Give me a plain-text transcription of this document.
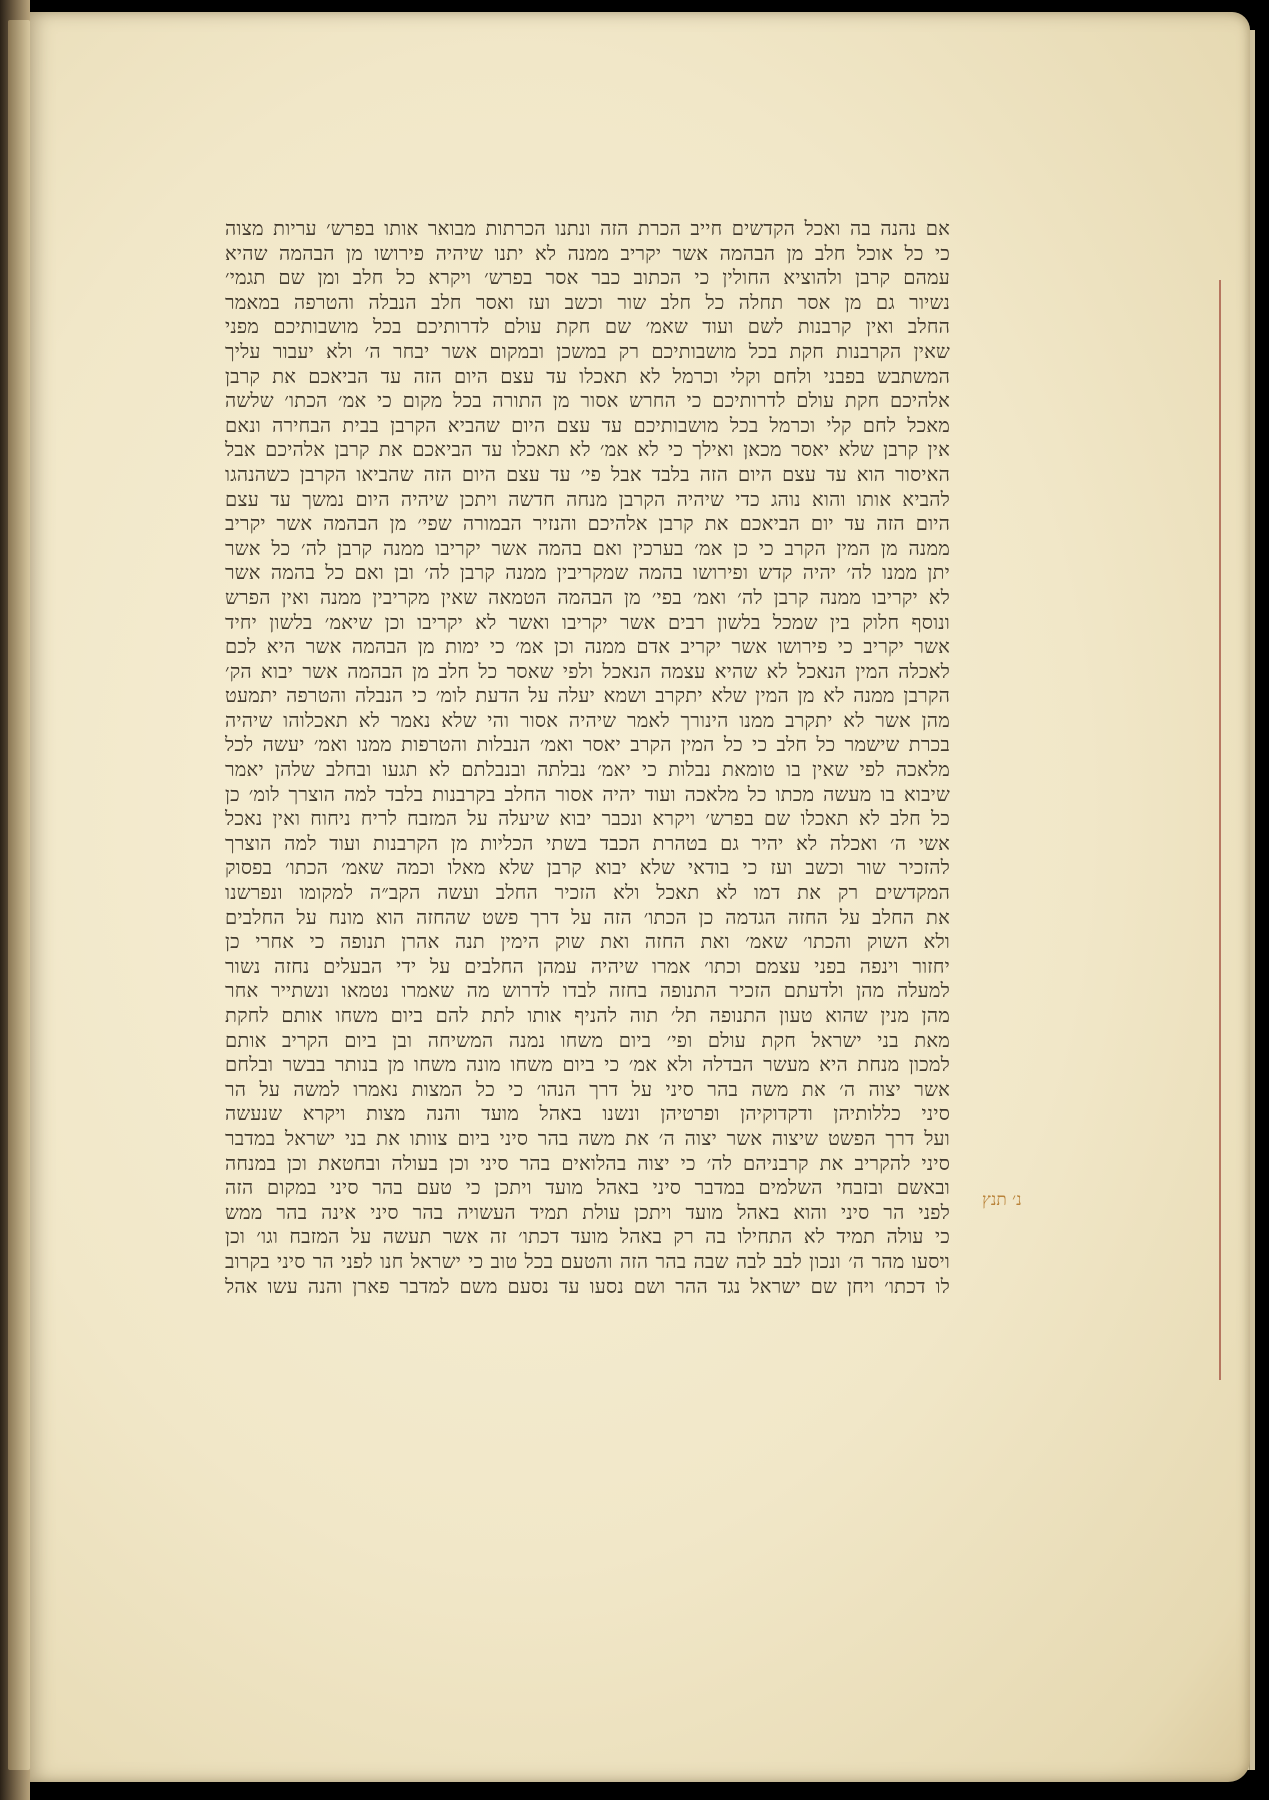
אם נהנה בה ואכל הקדשים חייב הכרת הזה ונתנו הכרתות מבואר אותו בפרש׳ עריות מצוה
כי כל אוכל חלב מן הבהמה אשר יקריב ממנה לא יתנו שיהיה פירושו מן הבהמה שהיא
עמהם קרבן ולהוציא החולין כי הכתוב כבר אסר בפרש׳ ויקרא כל חלב ומן שם תגמי׳
נשיור גם מן אסר תחלה כל חלב שור וכשב ועז ואסר חלב הנבלה והטרפה במאמר
החלב ואין קרבנות לשם ועוד שאמ׳ שם חקת עולם לדרותיכם בכל מושבותיכם מפני
שאין הקרבנות חקת בכל מושבותיכם רק במשכן ובמקום אשר יבחר ה׳ ולא יעבור עליך
המשתבש בפבני ולחם וקלי וכרמל לא תאכלו עד עצם היום הזה עד הביאכם את קרבן
אלהיכם חקת עולם לדרותיכם כי החרש אסור מן התורה בכל מקום כי אמ׳ הכתו׳ שלשה
מאכל לחם קלי וכרמל בכל מושבותיכם עד עצם היום שהביא הקרבן בבית הבחירה ונאם
אין קרבן שלא יאסר מכאן ואילך כי לא אמ׳ לא תאכלו עד הביאכם את קרבן אלהיכם אבל
האיסור הוא עד עצם היום הזה בלבד אבל פי׳ עד עצם היום הזה שהביאו הקרבן כשהנהגו
להביא אותו והוא נוהג כדי שיהיה הקרבן מנחה חדשה ויתכן שיהיה היום נמשך עד עצם
היום הזה עד יום הביאכם את קרבן אלהיכם והנזיר הבמורה שפי׳ מן הבהמה אשר יקריב
ממנה מן המין הקרב כי כן אמ׳ בערכין ואם בהמה אשר יקריבו ממנה קרבן לה׳ כל אשר
יתן ממנו לה׳ יהיה קדש ופירושו בהמה שמקריבין ממנה קרבן לה׳ ובן ואם כל בהמה אשר
לא יקריבו ממנה קרבן לה׳ ואמ׳ בפי׳ מן הבהמה הטמאה שאין מקריבין ממנה ואין הפרש
ונוסף חלוק בין שמכל בלשון רבים אשר יקריבו ואשר לא יקריבו וכן שיאמ׳ בלשון יחיד
אשר יקריב כי פירושו אשר יקריב אדם ממנה וכן אמ׳ כי ימות מן הבהמה אשר היא לכם
לאכלה המין הנאכל לא שהיא עצמה הנאכל ולפי שאסר כל חלב מן הבהמה אשר יבוא הק׳
הקרבן ממנה לא מן המין שלא יתקרב ושמא יעלה על הדעת לומ׳ כי הנבלה והטרפה יתמעט
מהן אשר לא יתקרב ממנו הינורך לאמר שיהיה אסור והי שלא נאמר לא תאכלוהו שיהיה
בכרת שישמר כל חלב כי כל המין הקרב יאסר ואמ׳ הנבלות והטרפות ממנו ואמ׳ יעשה לכל
מלאכה לפי שאין בו טומאת נבלות כי יאמ׳ נבלתה ובנבלתם לא תגעו ובחלב שלהן יאמר
שיבוא בו מעשה מכתו כל מלאכה ועוד יהיה אסור החלב בקרבנות בלבד למה הוצרך לומ׳ כן
כל חלב לא תאכלו שם בפרש׳ ויקרא ונכבר יבוא שיעלה על המזבח לריח ניחוח ואין נאכל
אשי ה׳ ואכלה לא יהיר גם בטהרת הכבד בשתי הכליות מן הקרבנות ועוד למה הוצרך
להזכיר שור וכשב ועז כי בודאי שלא יבוא קרבן שלא מאלו וכמה שאמ׳ הכתו׳ בפסוק
המקדשים רק את דמו לא תאכל ולא הזכיר החלב ועשה הקב״ה למקומו ונפרשנו
את החלב על החזה הגדמה כן הכתו׳ הזה על דרך פשט שהחזה הוא מונח על החלבים
ולא השוק והכתו׳ שאמ׳ ואת החזה ואת שוק הימין תנה אהרן תנופה כי אחרי כן
יחזור וינפה בפני עצמם וכתו׳ אמרו שיהיה עמהן החלבים על ידי הבעלים נחזה נשור
למעלה מהן ולדעתם הזכיר התנופה בחזה לבדו לדרוש מה שאמרו נטמאו ונשתייר אחר
מהן מנין שהוא טעון התנופה תל׳ תוה להניף אותו לתת להם ביום משחו אותם לחקת
מאת בני ישראל חקת עולם ופי׳ ביום משחו נמנה המשיחה ובן ביום הקריב אותם
למכון מנחת היא מעשר הבדלה ולא אמ׳ כי ביום משחו מונה משחו מן בנותר בבשר ובלחם
אשר יצוה ה׳ את משה בהר סיני על דרך הנהו׳ כי כל המצות נאמרו למשה על הר
סיני כללותיהן ודקדוקיהן ופרטיהן ונשנו באהל מועד והנה מצות ויקרא שנעשה
ועל דרך הפשט שיצוה אשר יצוה ה׳ את משה בהר סיני ביום צוותו את בני ישראל במדבר
סיני להקריב את קרבניהם לה׳ כי יצוה בהלואים בהר סיני וכן בעולה ובחטאת וכן במנחה
ובאשם ובזבחי השלמים במדבר סיני באהל מועד ויתכן כי טעם בהר סיני במקום הזה
לפני הר סיני והוא באהל מועד ויתכן עולת תמיד העשויה בהר סיני אינה בהר ממש
כי עולה תמיד לא התחילו בה רק באהל מועד דכתו׳ זה אשר תעשה על המזבח וגו׳ וכן
ויסעו מהר ה׳ ונכון לבב לבה שבה בהר הזה והטעם בכל טוב כי ישראל חנו לפני הר סיני בקרוב
לו דכתו׳ ויחן שם ישראל נגד ההר ושם נסעו עד נסעם משם למדבר פארן והנה עשו אהל
נ׳ תנץ
